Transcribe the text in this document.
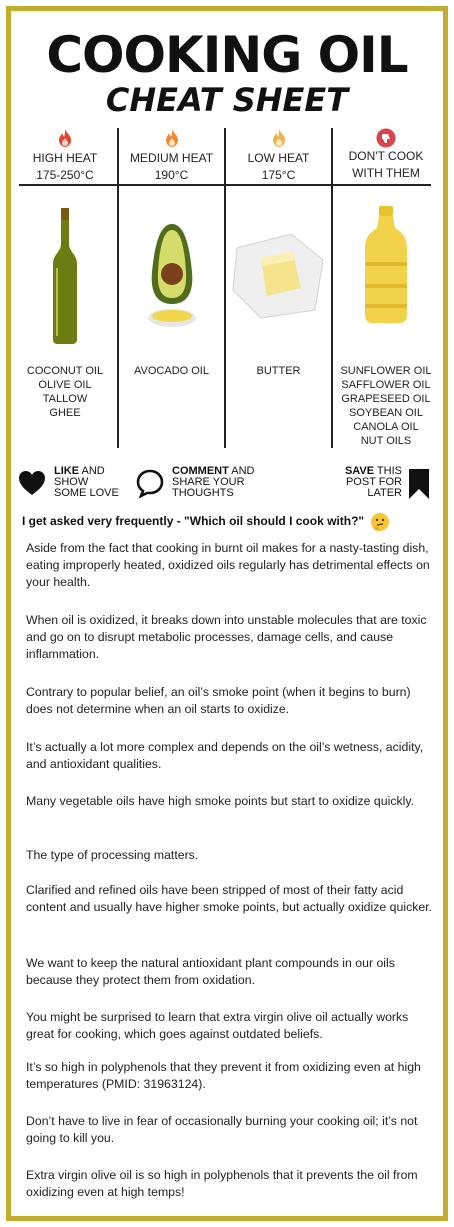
COOKING OIL
CHEAT SHEET
HIGH HEAT
175-250°C
COCONUT OIL
OLIVE OIL
TALLOW
GHEE
MEDIUM HEAT
190°C
AVOCADO OIL
LOW HEAT
175°C
BUTTER
DON'T COOK
WITH THEM
SUNFLOWER OIL
SAFFLOWER OIL
GRAPESEED OIL
SOYBEAN OIL
CANOLA OIL
NUT OILS
LIKE AND
SHOW
SOME LOVE
COMMENT AND
SHARE YOUR
THOUGHTS
SAVE THIS
POST FOR
LATER
I get asked very frequently - "Which oil should I cook with?"
Aside from the fact that cooking in burnt oil makes for a nasty-tasting dish, eating improperly heated, oxidized oils regularly has detrimental effects on your health.
When oil is oxidized, it breaks down into unstable molecules that are toxic and go on to disrupt metabolic processes, damage cells, and cause inflammation.
Contrary to popular belief, an oil’s smoke point (when it begins to burn) does not determine when an oil starts to oxidize.
It’s actually a lot more complex and depends on the oil’s wetness, acidity, and antioxidant qualities.
Many vegetable oils have high smoke points but start to oxidize quickly.
The type of processing matters.
Clarified and refined oils have been stripped of most of their fatty acid content and usually have higher smoke points, but actually oxidize quicker.
We want to keep the natural antioxidant plant compounds in our oils because they protect them from oxidation.
You might be surprised to learn that extra virgin olive oil actually works great for cooking, which goes against outdated beliefs.
It’s so high in polyphenols that they prevent it from oxidizing even at high temperatures (PMID: 31963124).
Don’t have to live in fear of occasionally burning your cooking oil; it’s not going to kill you.
Extra virgin olive oil is so high in polyphenols that it prevents the oil from oxidizing even at high temps!
